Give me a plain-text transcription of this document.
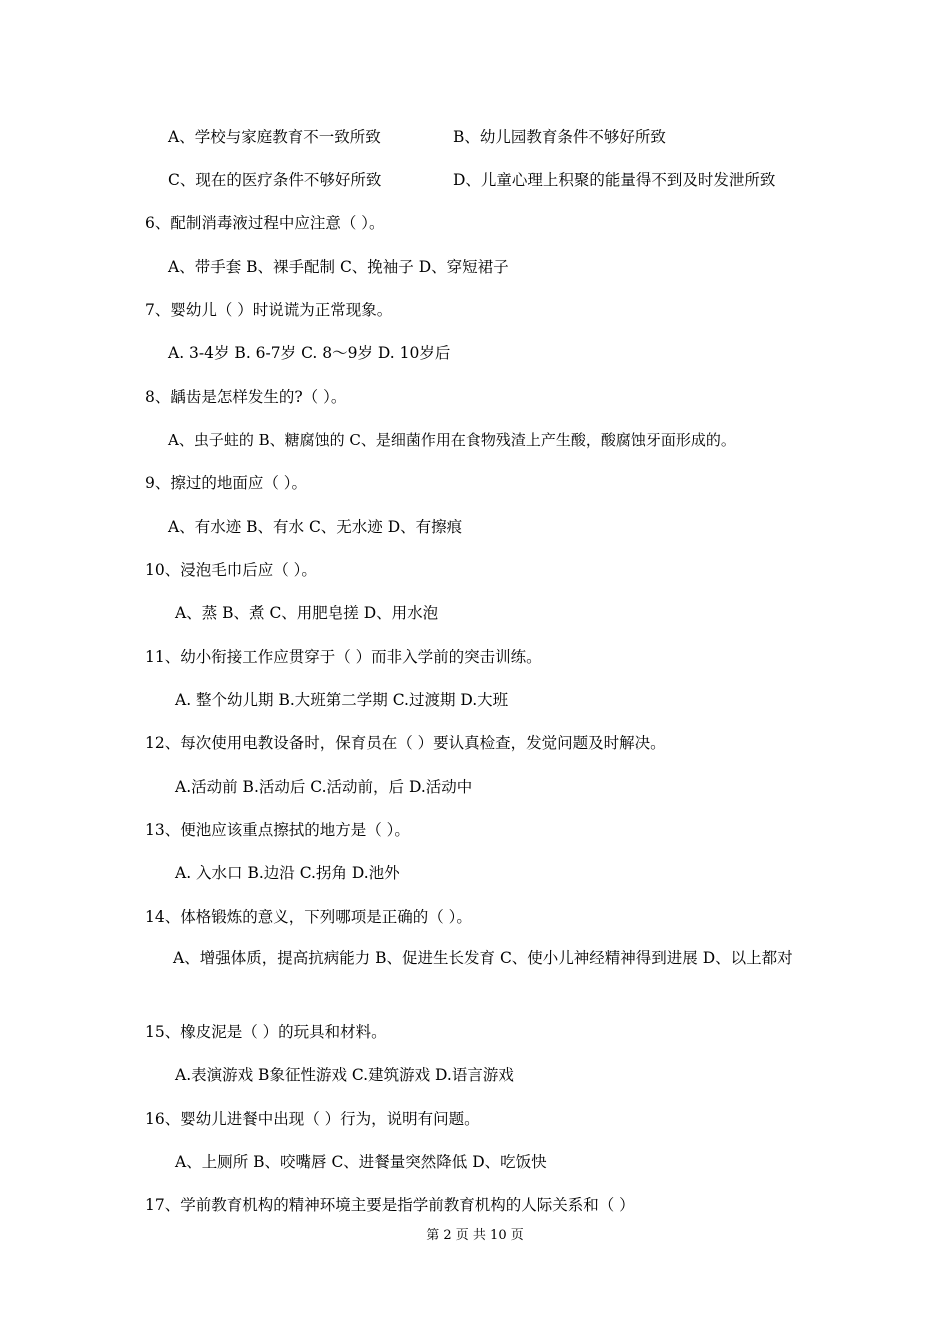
A、学校与家庭教育不一致所致	B、幼儿园教育条件不够好所致
C、现在的医疗条件不够好所致	D、儿童心理上积聚的能量得不到及时发泄所致
6、配制消毒液过程中应注意（ ）。
A、带手套 B、裸手配制 C、挽袖子 D、穿短裙子
7、婴幼儿（ ）时说谎为正常现象。
A. 3-4岁 B. 6-7岁 C. 8～9岁 D. 10岁后
8、龋齿是怎样发生的?（ ）。
A、虫子蛀的 B、糖腐蚀的 C、是细菌作用在食物残渣上产生酸，酸腐蚀牙面形成的。
9、擦过的地面应（ ）。
A、有水迹 B、有水 C、无水迹 D、有擦痕
10、浸泡毛巾后应（ ）。
A、蒸 B、煮 C、用肥皂搓 D、用水泡
11、幼小衔接工作应贯穿于（ ）而非入学前的突击训练。
A. 整个幼儿期 B.大班第二学期 C.过渡期 D.大班
12、每次使用电教设备时，保育员在（ ）要认真检查，发觉问题及时解决。
A.活动前 B.活动后 C.活动前，后 D.活动中
13、便池应该重点擦拭的地方是（ ）。
A. 入水口 B.边沿 C.拐角 D.池外
14、体格锻炼的意义，下列哪项是正确的（ ）。
A、增强体质，提高抗病能力 B、促进生长发育 C、使小儿神经精神得到进展 D、以上都对
15、橡皮泥是（ ）的玩具和材料。
A.表演游戏 B象征性游戏 C.建筑游戏 D.语言游戏
16、婴幼儿进餐中出现（ ）行为，说明有问题。
A、上厕所 B、咬嘴唇 C、进餐量突然降低 D、吃饭快
17、学前教育机构的精神环境主要是指学前教育机构的人际关系和（ ）
第 2 页 共 10 页
